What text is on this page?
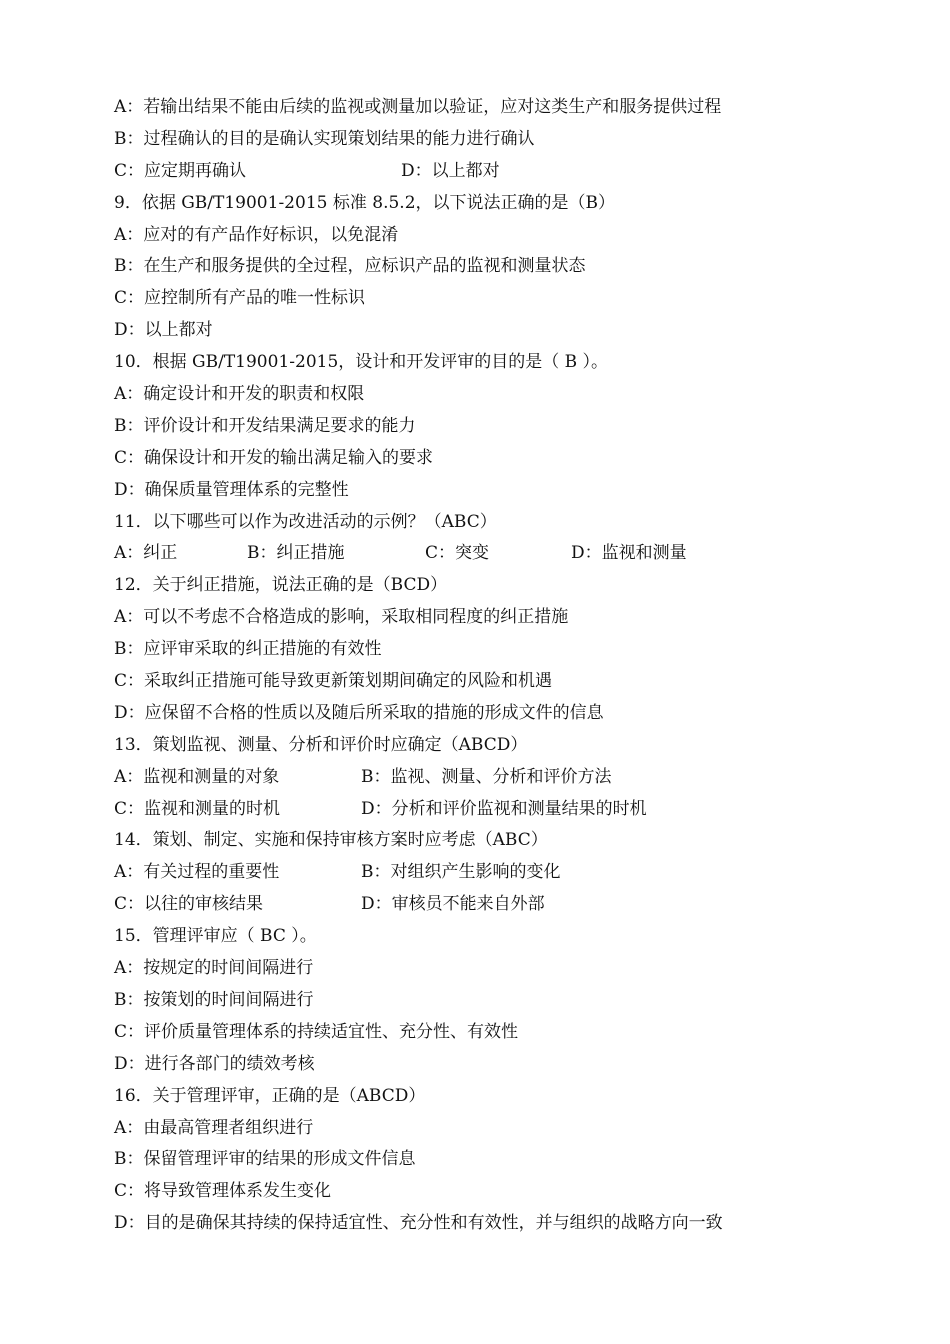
A：若输出结果不能由后续的监视或测量加以验证，应对这类生产和服务提供过程
B：过程确认的目的是确认实现策划结果的能力进行确认
C：应定期再确认	D：以上都对
9．依据 GB/T19001-2015 标准 8.5.2，以下说法正确的是（B）
A：应对的有产品作好标识，以免混淆
B：在生产和服务提供的全过程，应标识产品的监视和测量状态
C：应控制所有产品的唯一性标识
D：以上都对
10．根据 GB/T19001-2015，设计和开发评审的目的是（ B ）。
A：确定设计和开发的职责和权限
B：评价设计和开发结果满足要求的能力
C：确保设计和开发的输出满足输入的要求
D：确保质量管理体系的完整性
11．以下哪些可以作为改进活动的示例？（ABC）
A：纠正	B：纠正措施	C：突变	D：监视和测量
12．关于纠正措施，说法正确的是（BCD）
A：可以不考虑不合格造成的影响，采取相同程度的纠正措施
B：应评审采取的纠正措施的有效性
C：采取纠正措施可能导致更新策划期间确定的风险和机遇
D：应保留不合格的性质以及随后所采取的措施的形成文件的信息
13．策划监视、测量、分析和评价时应确定（ABCD）
A：监视和测量的对象	B：监视、测量、分析和评价方法
C：监视和测量的时机	D：分析和评价监视和测量结果的时机
14．策划、制定、实施和保持审核方案时应考虑（ABC）
A：有关过程的重要性	B：对组织产生影响的变化
C：以往的审核结果	D：审核员不能来自外部
15．管理评审应（ BC ）。
A：按规定的时间间隔进行
B：按策划的时间间隔进行
C：评价质量管理体系的持续适宜性、充分性、有效性
D：进行各部门的绩效考核
16．关于管理评审，正确的是（ABCD）
A：由最高管理者组织进行
B：保留管理评审的结果的形成文件信息
C：将导致管理体系发生变化
D：目的是确保其持续的保持适宜性、充分性和有效性，并与组织的战略方向一致
